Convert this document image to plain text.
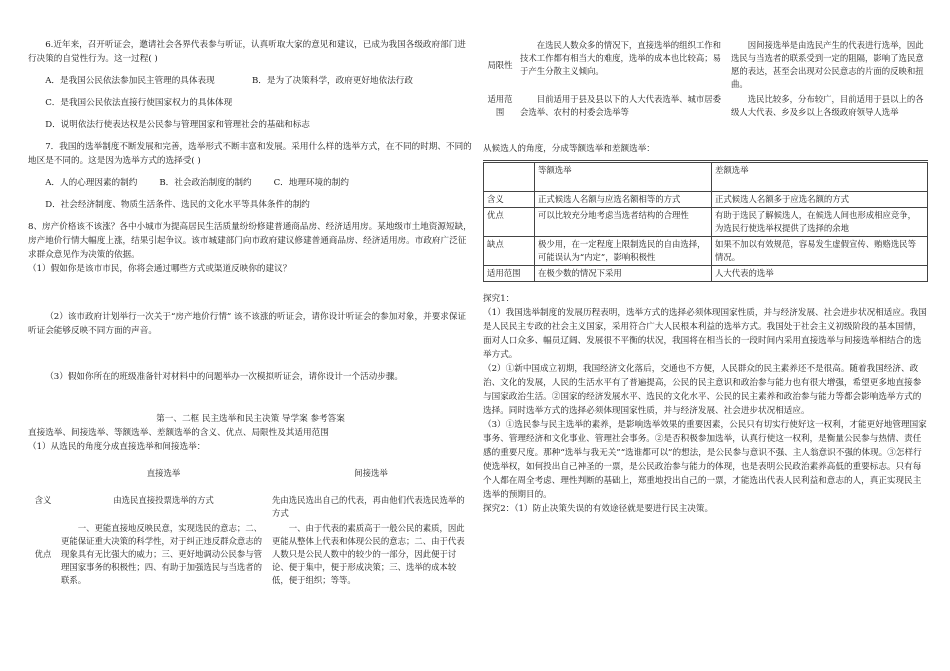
6.近年来，召开听证会，邀请社会各界代表参与听证，认真听取大家的意见和建议，已成为我国各级政府部门进行决策的自觉性行为。这一过程( )

A．是我国公民依法参加民主管理的具体表现	B．是为了决策科学，政府更好地依法行政

C．是我国公民依法直接行使国家权力的具体体现

D．说明依法行使表达权是公民参与管理国家和管理社会的基础和标志

7．我国的选举制度不断发展和完善，选举形式不断丰富和发展。采用什么样的选举方式，在不同的时期、不同的地区是不同的。这是因为选举方式的选择受( )

A．人的心理因素的制约	B．社会政治制度的制约	C．地理环境的制约

D．社会经济制度、物质生活条件、选民的文化水平等具体条件的制约

8、房产价格该不该涨？各中小城市为提高居民生活质量纷纷修建普通商品房、经济适用房。某地级市土地资源短缺，房产地价行情大幅度上涨，结果引起争议。该市城建部门向市政府建议修建普通商品房、经济适用房。市政府广泛征求群众意见作为决策的依据。

（1）假如你是该市市民，你将会通过哪些方式或渠道反映你的建议？

（2）该市政府计划举行一次关于“房产地价行情” 该不该涨的听证会，请你设计听证会的参加对象，并要求保证听证会能够反映不同方面的声音。

（3）假如你所在的班级准备针对材料中的问题举办一次模拟听证会，请你设计一个活动步骤。

第一、二框 民主选举和民主决策 导学案 参考答案

直接选举、间接选举、等额选举、差额选举的含义、优点、局限性及其适用范围

（1）从选民的角度分成直接选举和间接选举：

	直接选举	间接选举

含义	由选民直接投票选举的方式	先由选民选出自己的代表，再由他们代表选民选举的方式
优点	一、更能直接地反映民意，实现选民的意志；二、更能保证重大决策的科学性，对于纠正违反群众意志的现象具有无比强大的威力；三、更好地调动公民参与管理国家事务的积极性；四、有助于加强选民与当选者的联系。	一、由于代表的素质高于一般公民的素质，因此更能从整体上代表和体现公民的意志；二、由于代表人数只是公民人数中的较少的一部分，因此便于讨论、便于集中，便于形成决策；三、选举的成本较低，便于组织；等等。
局限性	在选民人数众多的情况下，直接选举的组织工作和技术工作都有相当大的难度，选举的成本也比较高；易于产生分散主义倾向。	因间接选举是由选民产生的代表进行选举，因此选民与当选者的联系受到一定的阻隔，影响了选民意愿的表达，甚至会出现对公民意志的片面的反映和扭曲。
适用范围	目前适用于县及县以下的人大代表选举、城市居委会选举、农村的村委会选举等	选民比较多，分布较广，目前适用于县以上的各级人大代表、乡及乡以上各级政府领导人选举

从候选人的角度，分成等额选举和差额选举：

	等额选举	差额选举
含义	正式候选人名额与应选名额相等的方式	正式候选人名额多于应选名额的方式
优点	可以比较充分地考虑当选者结构的合理性	有助于选民了解候选人，在候选人间也形成相应竞争，为选民行使选举权提供了选择的余地
缺点	极少用，在一定程度上限制选民的自由选择，可能误认为“内定”，影响积极性	如果不加以有效规范，容易发生虚假宣传、贿赂选民等情况。
适用范围	在极少数的情况下采用	人大代表的选举

探究1：

（1）我国选举制度的发展历程表明，选举方式的选择必须体现国家性质，并与经济发展、社会进步状况相适应。我国是人民民主专政的社会主义国家，采用符合广大人民根本利益的选举方式。我国处于社会主义初级阶段的基本国情，面对人口众多、幅员辽阔、发展很不平衡的状况，我国将在相当长的一段时间内采用直接选举与间接选举相结合的选举方式。

（2）①新中国成立初期，我国经济文化落后，交通也不方便，人民群众的民主素养还不是很高。随着我国经济、政治、文化的发展，人民的生活水平有了普遍提高，公民的民主意识和政治参与能力也有很大增强，希望更多地直接参与国家政治生活。②国家的经济发展水平、选民的文化水平、公民的民主素养和政治参与能力等都会影响选举方式的选择。同时选举方式的选择必须体现国家性质，并与经济发展、社会进步状况相适应。

（3）①选民参与民主选举的素养，是影响选举效果的重要因素，公民只有切实行使好这一权利，才能更好地管理国家事务、管理经济和文化事业、管理社会事务。②是否积极参加选举，认真行使这一权利，是衡量公民参与热情、责任感的重要尺度。那种“选举与我无关”“选谁都可以”的想法，是公民参与意识不强、主人翁意识不强的体现。③怎样行使选举权，如何投出自己神圣的一票，是公民政治参与能力的体现，也是表明公民政治素养高低的重要标志。只有每个人都在周全考虑、理性判断的基础上，郑重地投出自己的一票，才能选出代表人民利益和意志的人，真正实现民主选举的预期目的。

探究2：（1）防止决策失误的有效途径就是要进行民主决策。
